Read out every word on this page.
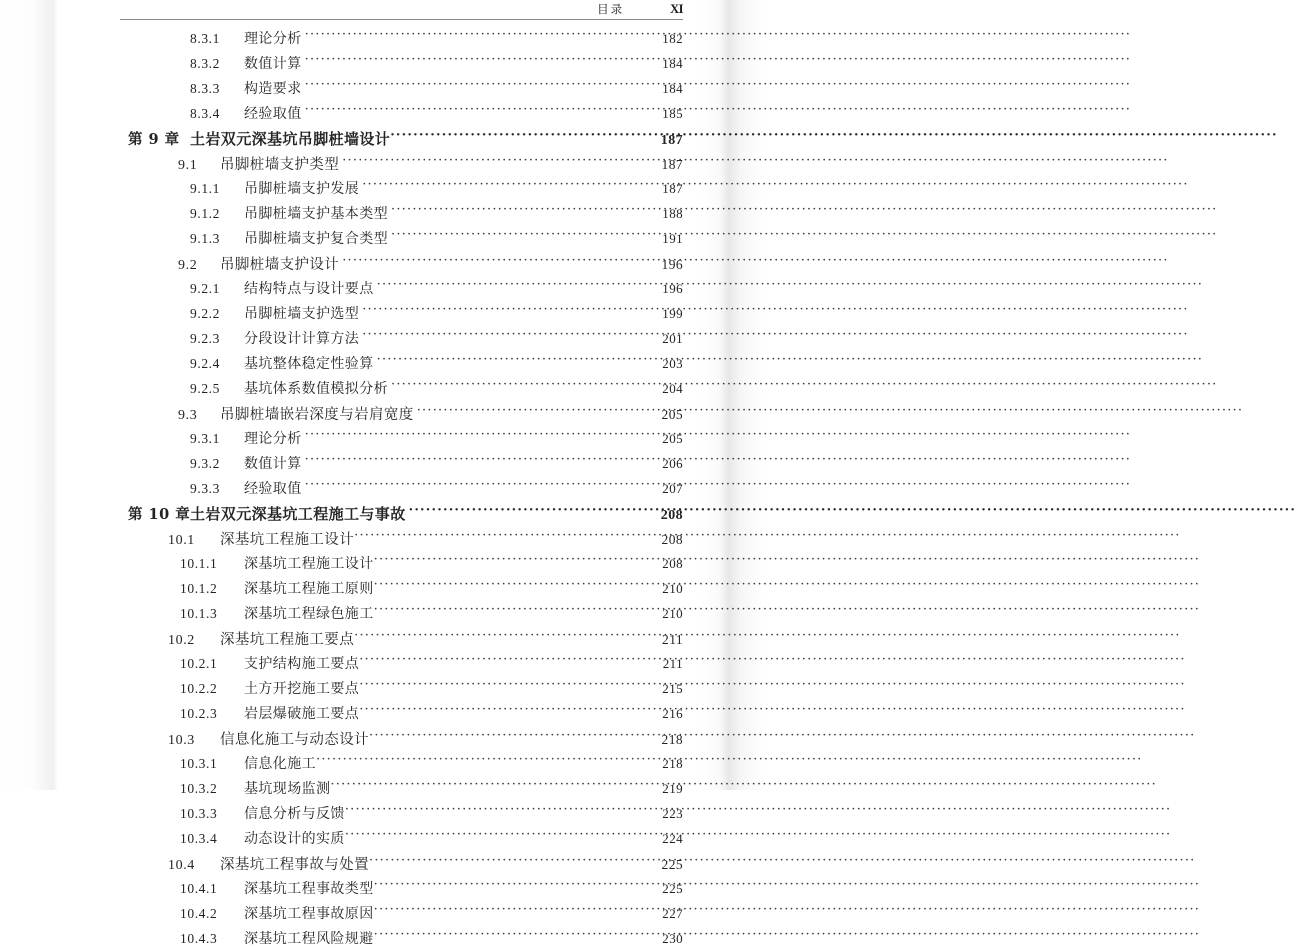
目录	XI
8.3.1	理论分析 ·····	182
8.3.2	数值计算 ·····	184
8.3.3	构造要求 ·····	184
8.3.4	经验取值 ·····	185
第 9 章 土岩双元深基坑吊脚桩墙设计 ·····	187
9.1	吊脚桩墙支护类型 ·····	187
9.1.1	吊脚桩墙支护发展 ·····	187
9.1.2	吊脚桩墙支护基本类型 ·····	188
9.1.3	吊脚桩墙支护复合类型 ·····	191
9.2	吊脚桩墙支护设计 ·····	196
9.2.1	结构特点与设计要点 ·····	196
9.2.2	吊脚桩墙支护选型 ·····	199
9.2.3	分段设计计算方法 ·····	201
9.2.4	基坑整体稳定性验算 ·····	203
9.2.5	基坑体系数值模拟分析 ·····	204
9.3	吊脚桩墙嵌岩深度与岩肩宽度 ·····	205
9.3.1	理论分析 ·····	205
9.3.2	数值计算 ·····	206
9.3.3	经验取值 ·····	207
第 10 章 土岩双元深基坑工程施工与事故 ·····	208
10.1	深基坑工程施工设计 ·····	208
10.1.1	深基坑工程施工设计 ·····	208
10.1.2	深基坑工程施工原则 ·····	210
10.1.3	深基坑工程绿色施工 ·····	210
10.2	深基坑工程施工要点 ·····	211
10.2.1	支护结构施工要点 ·····	211
10.2.2	土方开挖施工要点 ·····	215
10.2.3	岩层爆破施工要点 ·····	216
10.3	信息化施工与动态设计 ·····	218
10.3.1	信息化施工 ·····	218
10.3.2	基坑现场监测 ·····	219
10.3.3	信息分析与反馈 ·····	223
10.3.4	动态设计的实质 ·····	224
10.4	深基坑工程事故与处置 ·····	225
10.4.1	深基坑工程事故类型 ·····	225
10.4.2	深基坑工程事故原因 ·····	227
10.4.3	深基坑工程风险规避 ·····	230
